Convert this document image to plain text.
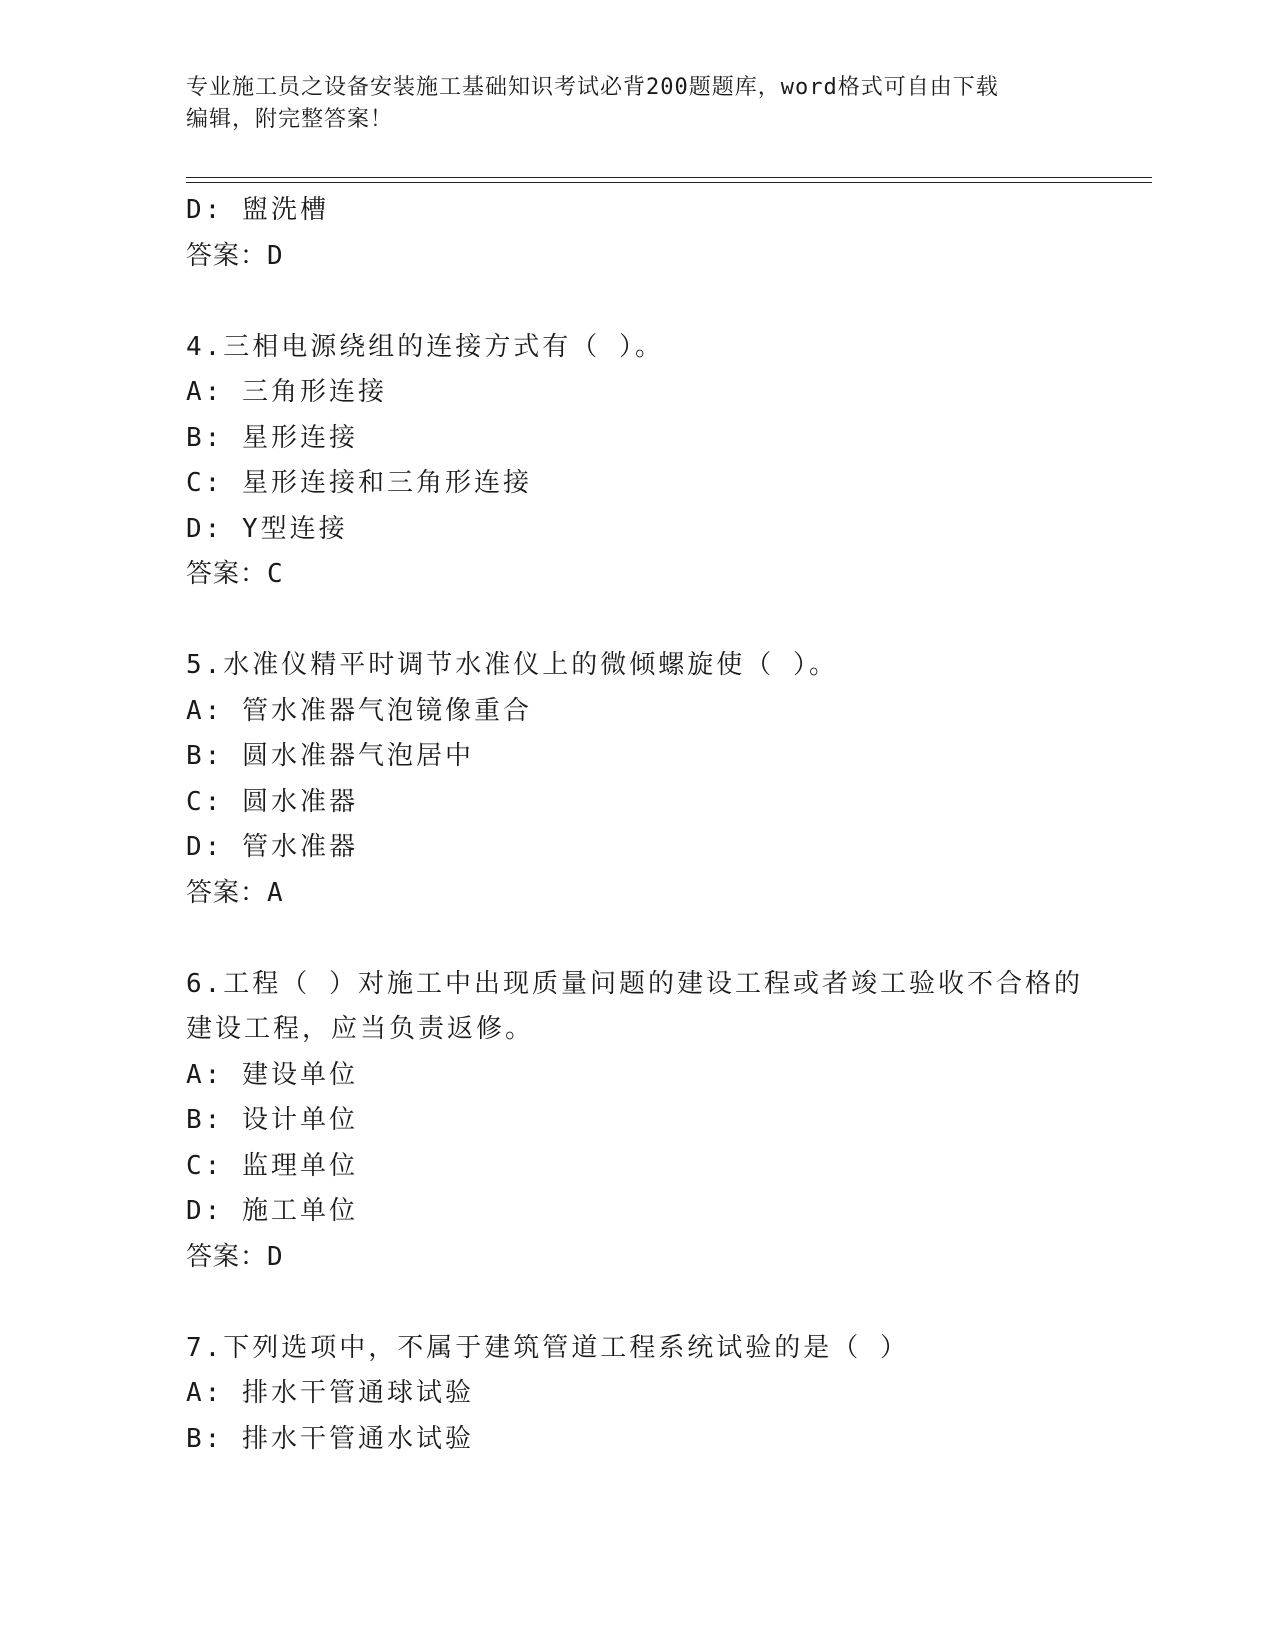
专业施工员之设备安装施工基础知识考试必背200题题库，word格式可自由下载
编辑，附完整答案！
D: 盥洗槽
答案：D
4.三相电源绕组的连接方式有（ ）。
A: 三角形连接
B: 星形连接
C: 星形连接和三角形连接
D: Y型连接
答案：C
5.水准仪精平时调节水准仪上的微倾螺旋使（ ）。
A: 管水准器气泡镜像重合
B: 圆水准器气泡居中
C: 圆水准器
D: 管水准器
答案：A
6.工程（ ）对施工中出现质量问题的建设工程或者竣工验收不合格的
建设工程，应当负责返修。
A: 建设单位
B: 设计单位
C: 监理单位
D: 施工单位
答案：D
7.下列选项中，不属于建筑管道工程系统试验的是（ ）
A: 排水干管通球试验
B: 排水干管通水试验
